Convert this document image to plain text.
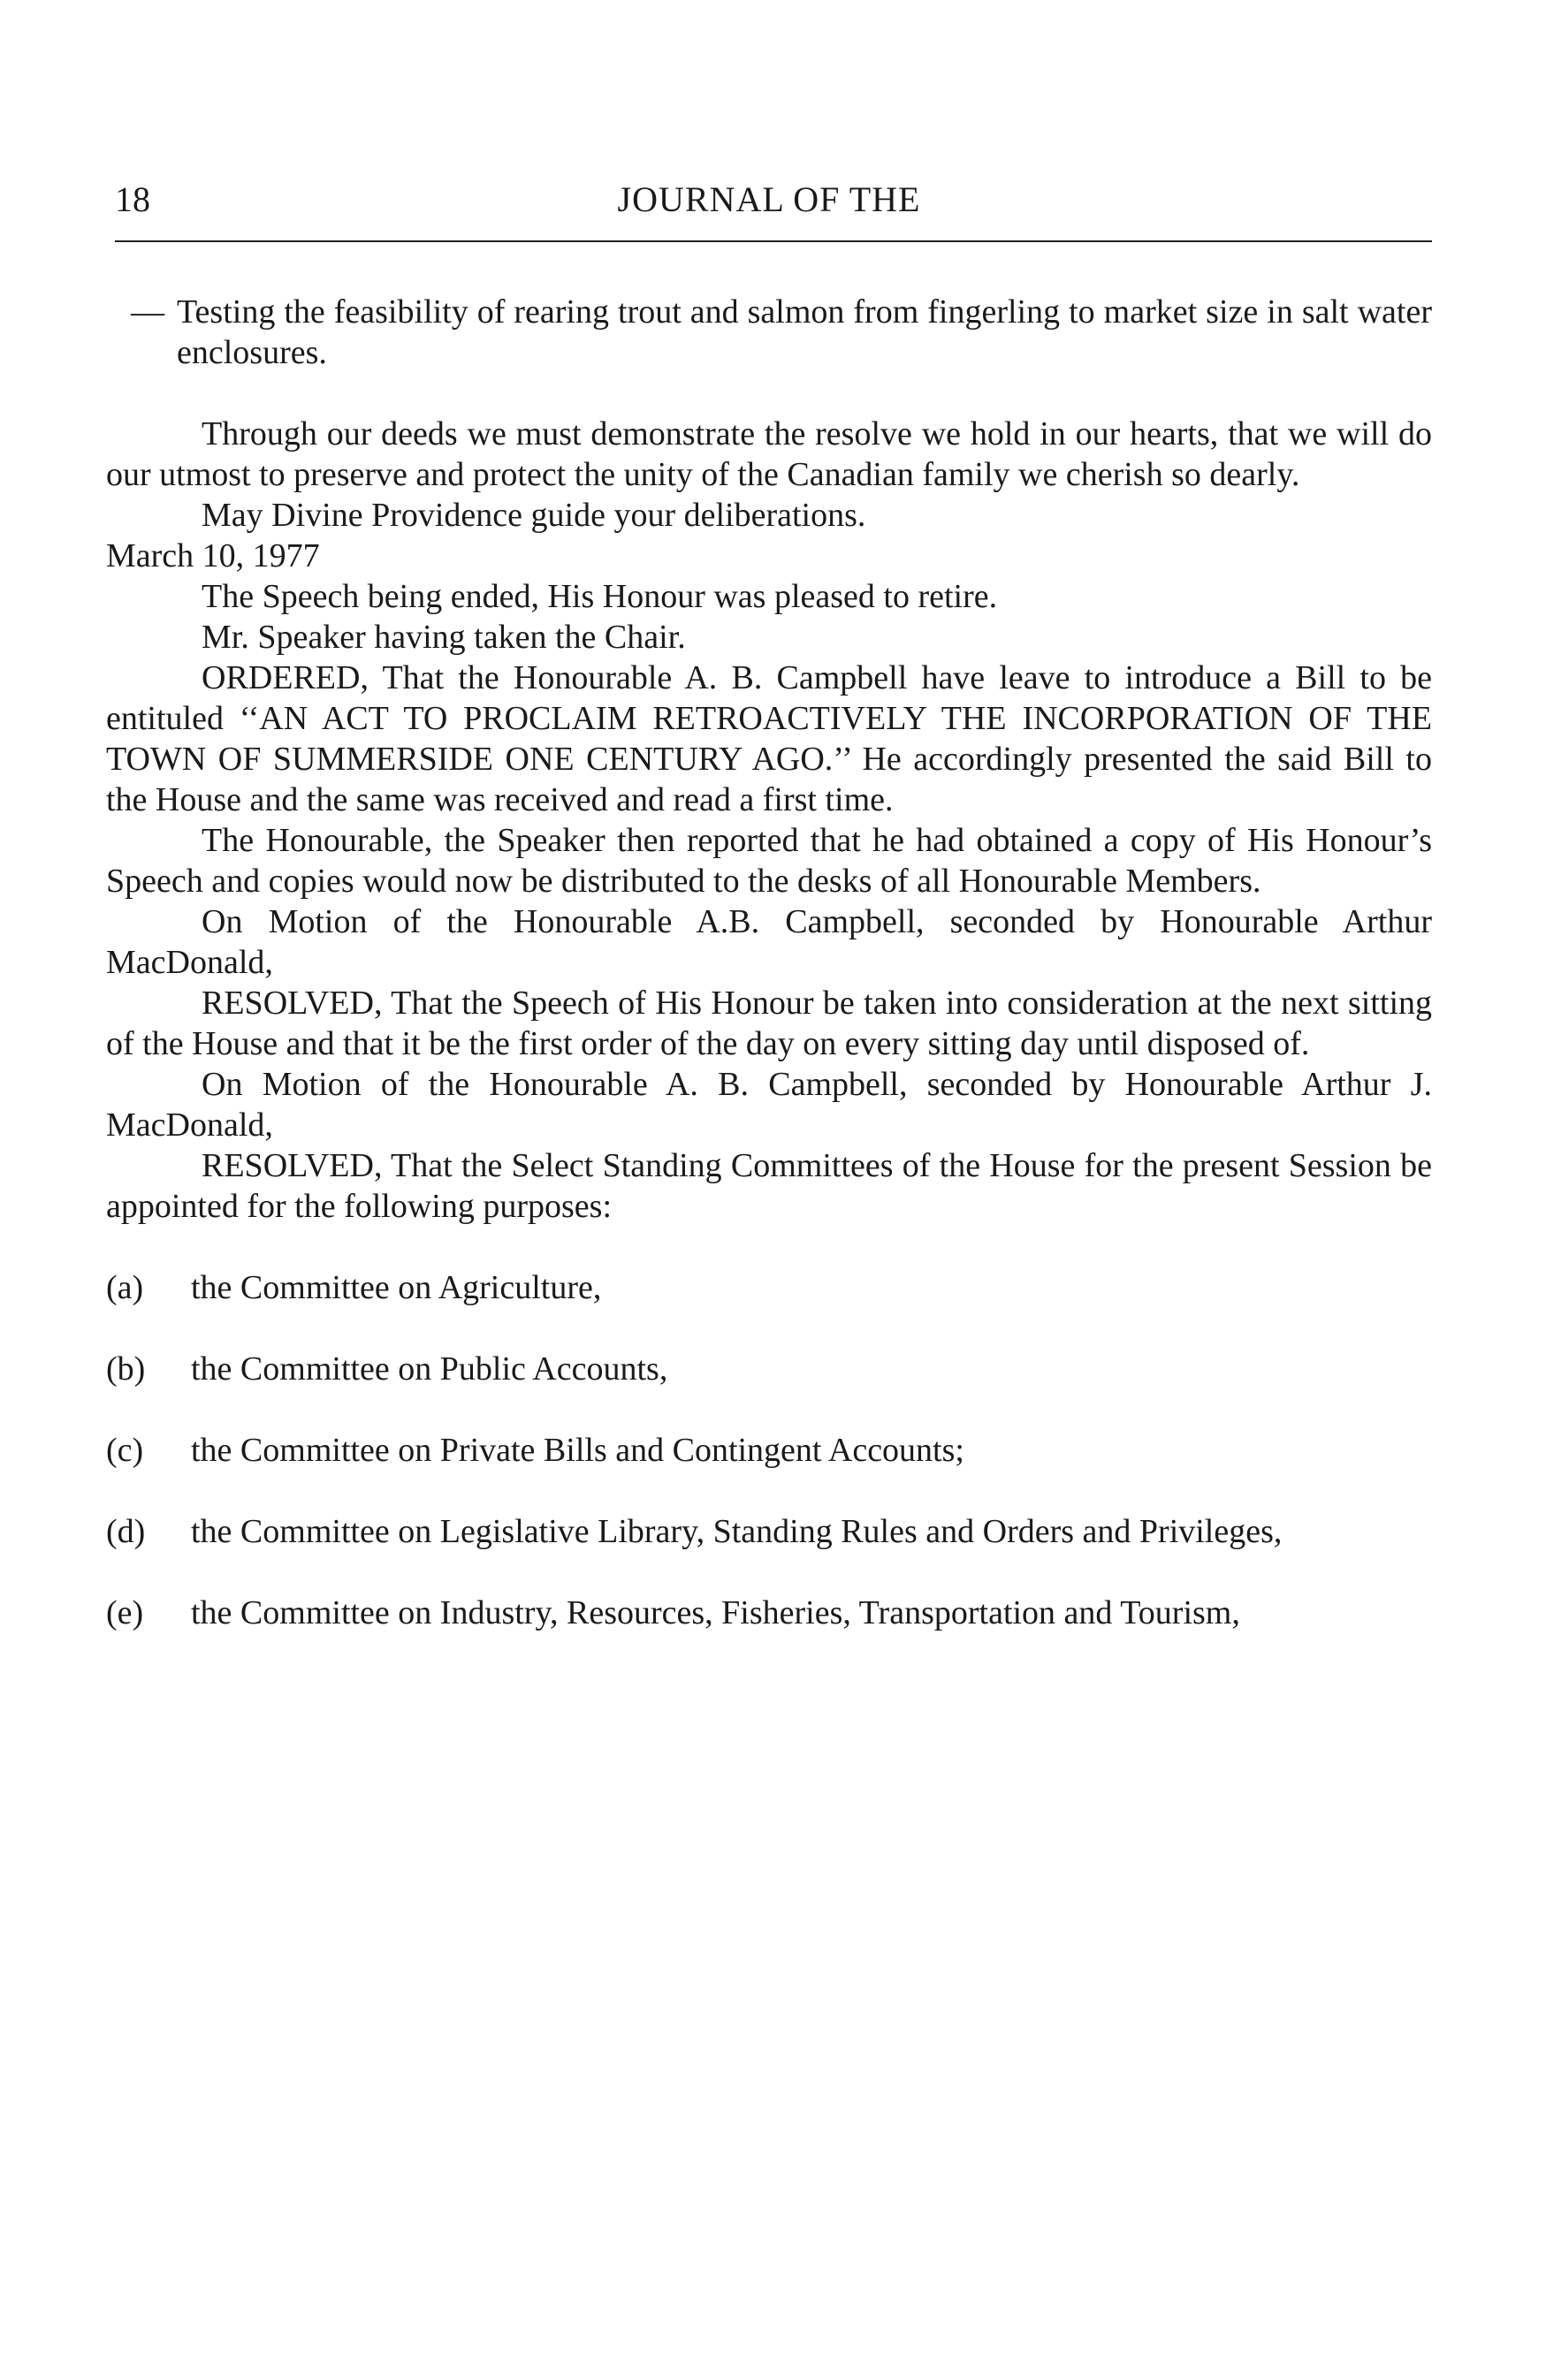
18	JOURNAL OF THE
— Testing the feasibility of rearing trout and salmon from fingerling to market size in salt water enclosures.

Through our deeds we must demonstrate the resolve we hold in our hearts, that we will do our utmost to preserve and protect the unity of the Canadian family we cherish so dearly.

May Divine Providence guide your deliberations.

March 10, 1977

The Speech being ended, His Honour was pleased to retire.

Mr. Speaker having taken the Chair.

ORDERED, That the Honourable A. B. Campbell have leave to introduce a Bill to be entituled ‘‘AN ACT TO PROCLAIM RETROACTIVELY THE INCORPORATION OF THE TOWN OF SUMMERSIDE ONE CENTURY AGO.’’ He accordingly presented the said Bill to the House and the same was received and read a first time.

The Honourable, the Speaker then reported that he had obtained a copy of His Honour’s Speech and copies would now be distributed to the desks of all Honourable Members.

On Motion of the Honourable A.B. Campbell, seconded by Honourable Arthur MacDonald,

RESOLVED, That the Speech of His Honour be taken into consideration at the next sitting of the House and that it be the first order of the day on every sitting day until disposed of.

On Motion of the Honourable A. B. Campbell, seconded by Honourable Arthur J. MacDonald,

RESOLVED, That the Select Standing Committees of the House for the present Session be appointed for the following purposes:

(a)	the Committee on Agriculture,
(b)	the Committee on Public Accounts,
(c)	the Committee on Private Bills and Contingent Accounts;
(d)	the Committee on Legislative Library, Standing Rules and Orders and Privileges,
(e)	the Committee on Industry, Resources, Fisheries, Transportation and Tourism,
